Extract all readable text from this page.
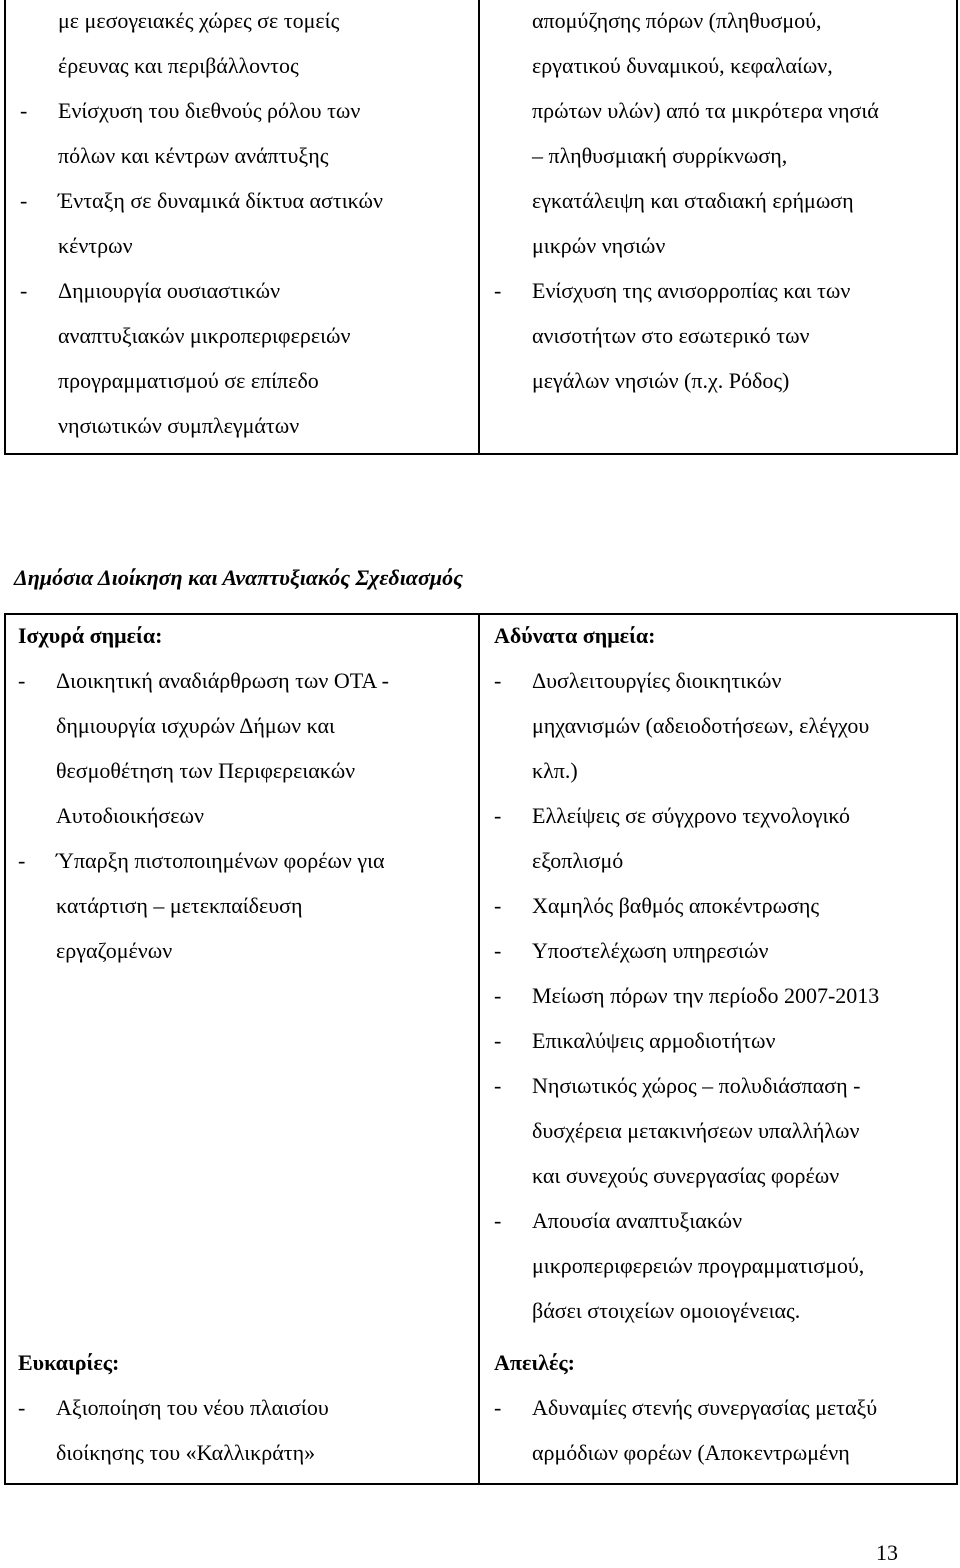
με μεσογειακές χώρες σε τομείς
έρευνας και περιβάλλοντος
- Ενίσχυση του διεθνούς ρόλου των
πόλων και κέντρων ανάπτυξης
- Ένταξη σε δυναμικά δίκτυα αστικών
κέντρων
- Δημιουργία ουσιαστικών
αναπτυξιακών μικροπεριφερειών
προγραμματισμού σε επίπεδο
νησιωτικών συμπλεγμάτων
απομύζησης πόρων (πληθυσμού,
εργατικού δυναμικού, κεφαλαίων,
πρώτων υλών) από τα μικρότερα νησιά
– πληθυσμιακή συρρίκνωση,
εγκατάλειψη και σταδιακή ερήμωση
μικρών νησιών
- Ενίσχυση της ανισορροπίας και των
ανισοτήτων στο εσωτερικό των
μεγάλων νησιών (π.χ. Ρόδος)
Δημόσια Διοίκηση και Αναπτυξιακός Σχεδιασμός
Ισχυρά σημεία:
- Διοικητική αναδιάρθρωση των ΟΤΑ -
δημιουργία ισχυρών Δήμων και
θεσμοθέτηση των Περιφερειακών
Αυτοδιοικήσεων
- Ύπαρξη πιστοποιημένων φορέων για
κατάρτιση – μετεκπαίδευση
εργαζομένων
Αδύνατα σημεία:
- Δυσλειτουργίες διοικητικών
μηχανισμών (αδειοδοτήσεων, ελέγχου
κλπ.)
- Ελλείψεις σε σύγχρονο τεχνολογικό
εξοπλισμό
- Χαμηλός βαθμός αποκέντρωσης
- Υποστελέχωση υπηρεσιών
- Μείωση πόρων την περίοδο 2007-2013
- Επικαλύψεις αρμοδιοτήτων
- Νησιωτικός χώρος – πολυδιάσπαση -
δυσχέρεια μετακινήσεων υπαλλήλων
και συνεχούς συνεργασίας φορέων
- Απουσία αναπτυξιακών
μικροπεριφερειών προγραμματισμού,
βάσει στοιχείων ομοιογένειας.
Ευκαιρίες:
- Αξιοποίηση του νέου πλαισίου
διοίκησης του «Καλλικράτη»
Απειλές:
- Αδυναμίες στενής συνεργασίας μεταξύ
αρμόδιων φορέων (Αποκεντρωμένη
13
